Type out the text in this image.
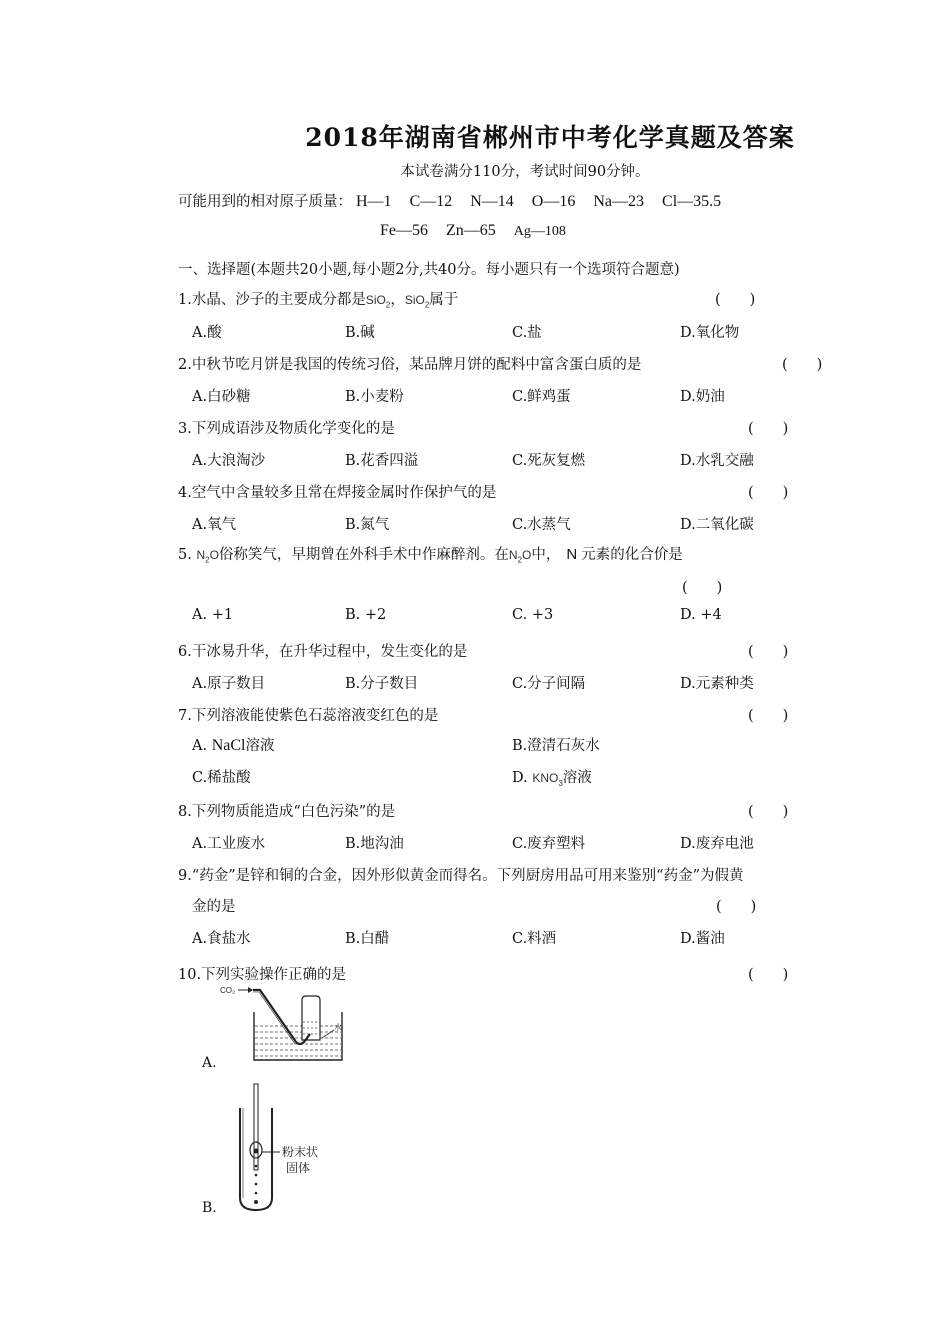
2018年湖南省郴州市中考化学真题及答案
本试卷满分110分，考试时间90分钟。
可能用到的相对原子质量： H—1 C—12 N—14 O—16 Na—23 Cl—35.5
Fe—56 Zn—65 Ag—108
一、选择题(本题共20小题,每小题2分,共40分。每小题只有一个选项符合题意)
1.水晶、沙子的主要成分都是SiO$_2$，SiO$_2$属于	(　　)
A.酸	B.碱	C.盐	D.氧化物
2.中秋节吃月饼是我国的传统习俗，某品牌月饼的配料中富含蛋白质的是	(　　)
A.白砂糖	B.小麦粉	C.鲜鸡蛋	D.奶油
3.下列成语涉及物质化学变化的是	(　　)
A.大浪淘沙	B.花香四溢	C.死灰复燃	D.水乳交融
4.空气中含量较多且常在焊接金属时作保护气的是	(　　)
A.氧气	B.氮气	C.水蒸气	D.二氧化碳
5. $N_2O$俗称笑气，早期曾在外科手术中作麻醉剂。在$N_2O$中， N 元素的化合价是
(　　)
A. +1	B. +2	C. +3	D. +4
6.干冰易升华，在升华过程中，发生变化的是	(　　)
A.原子数目	B.分子数目	C.分子间隔	D.元素种类
7.下列溶液能使紫色石蕊溶液变红色的是	(　　)
A. NaCl溶液	B.澄清石灰水
C.稀盐酸	D. $KNO_3$溶液
8.下列物质能造成“白色污染”的是	(　　)
A.工业废水	B.地沟油	C.废弃塑料	D.废弃电池
9.“药金”是锌和铜的合金，因外形似黄金而得名。下列厨房用品可用来鉴别“药金”为假黄
金的是	(　　)
A.食盐水	B.白醋	C.料酒	D.酱油
10.下列实验操作正确的是	(　　)
CO₂
水
A.
粉末状
固体
B.
